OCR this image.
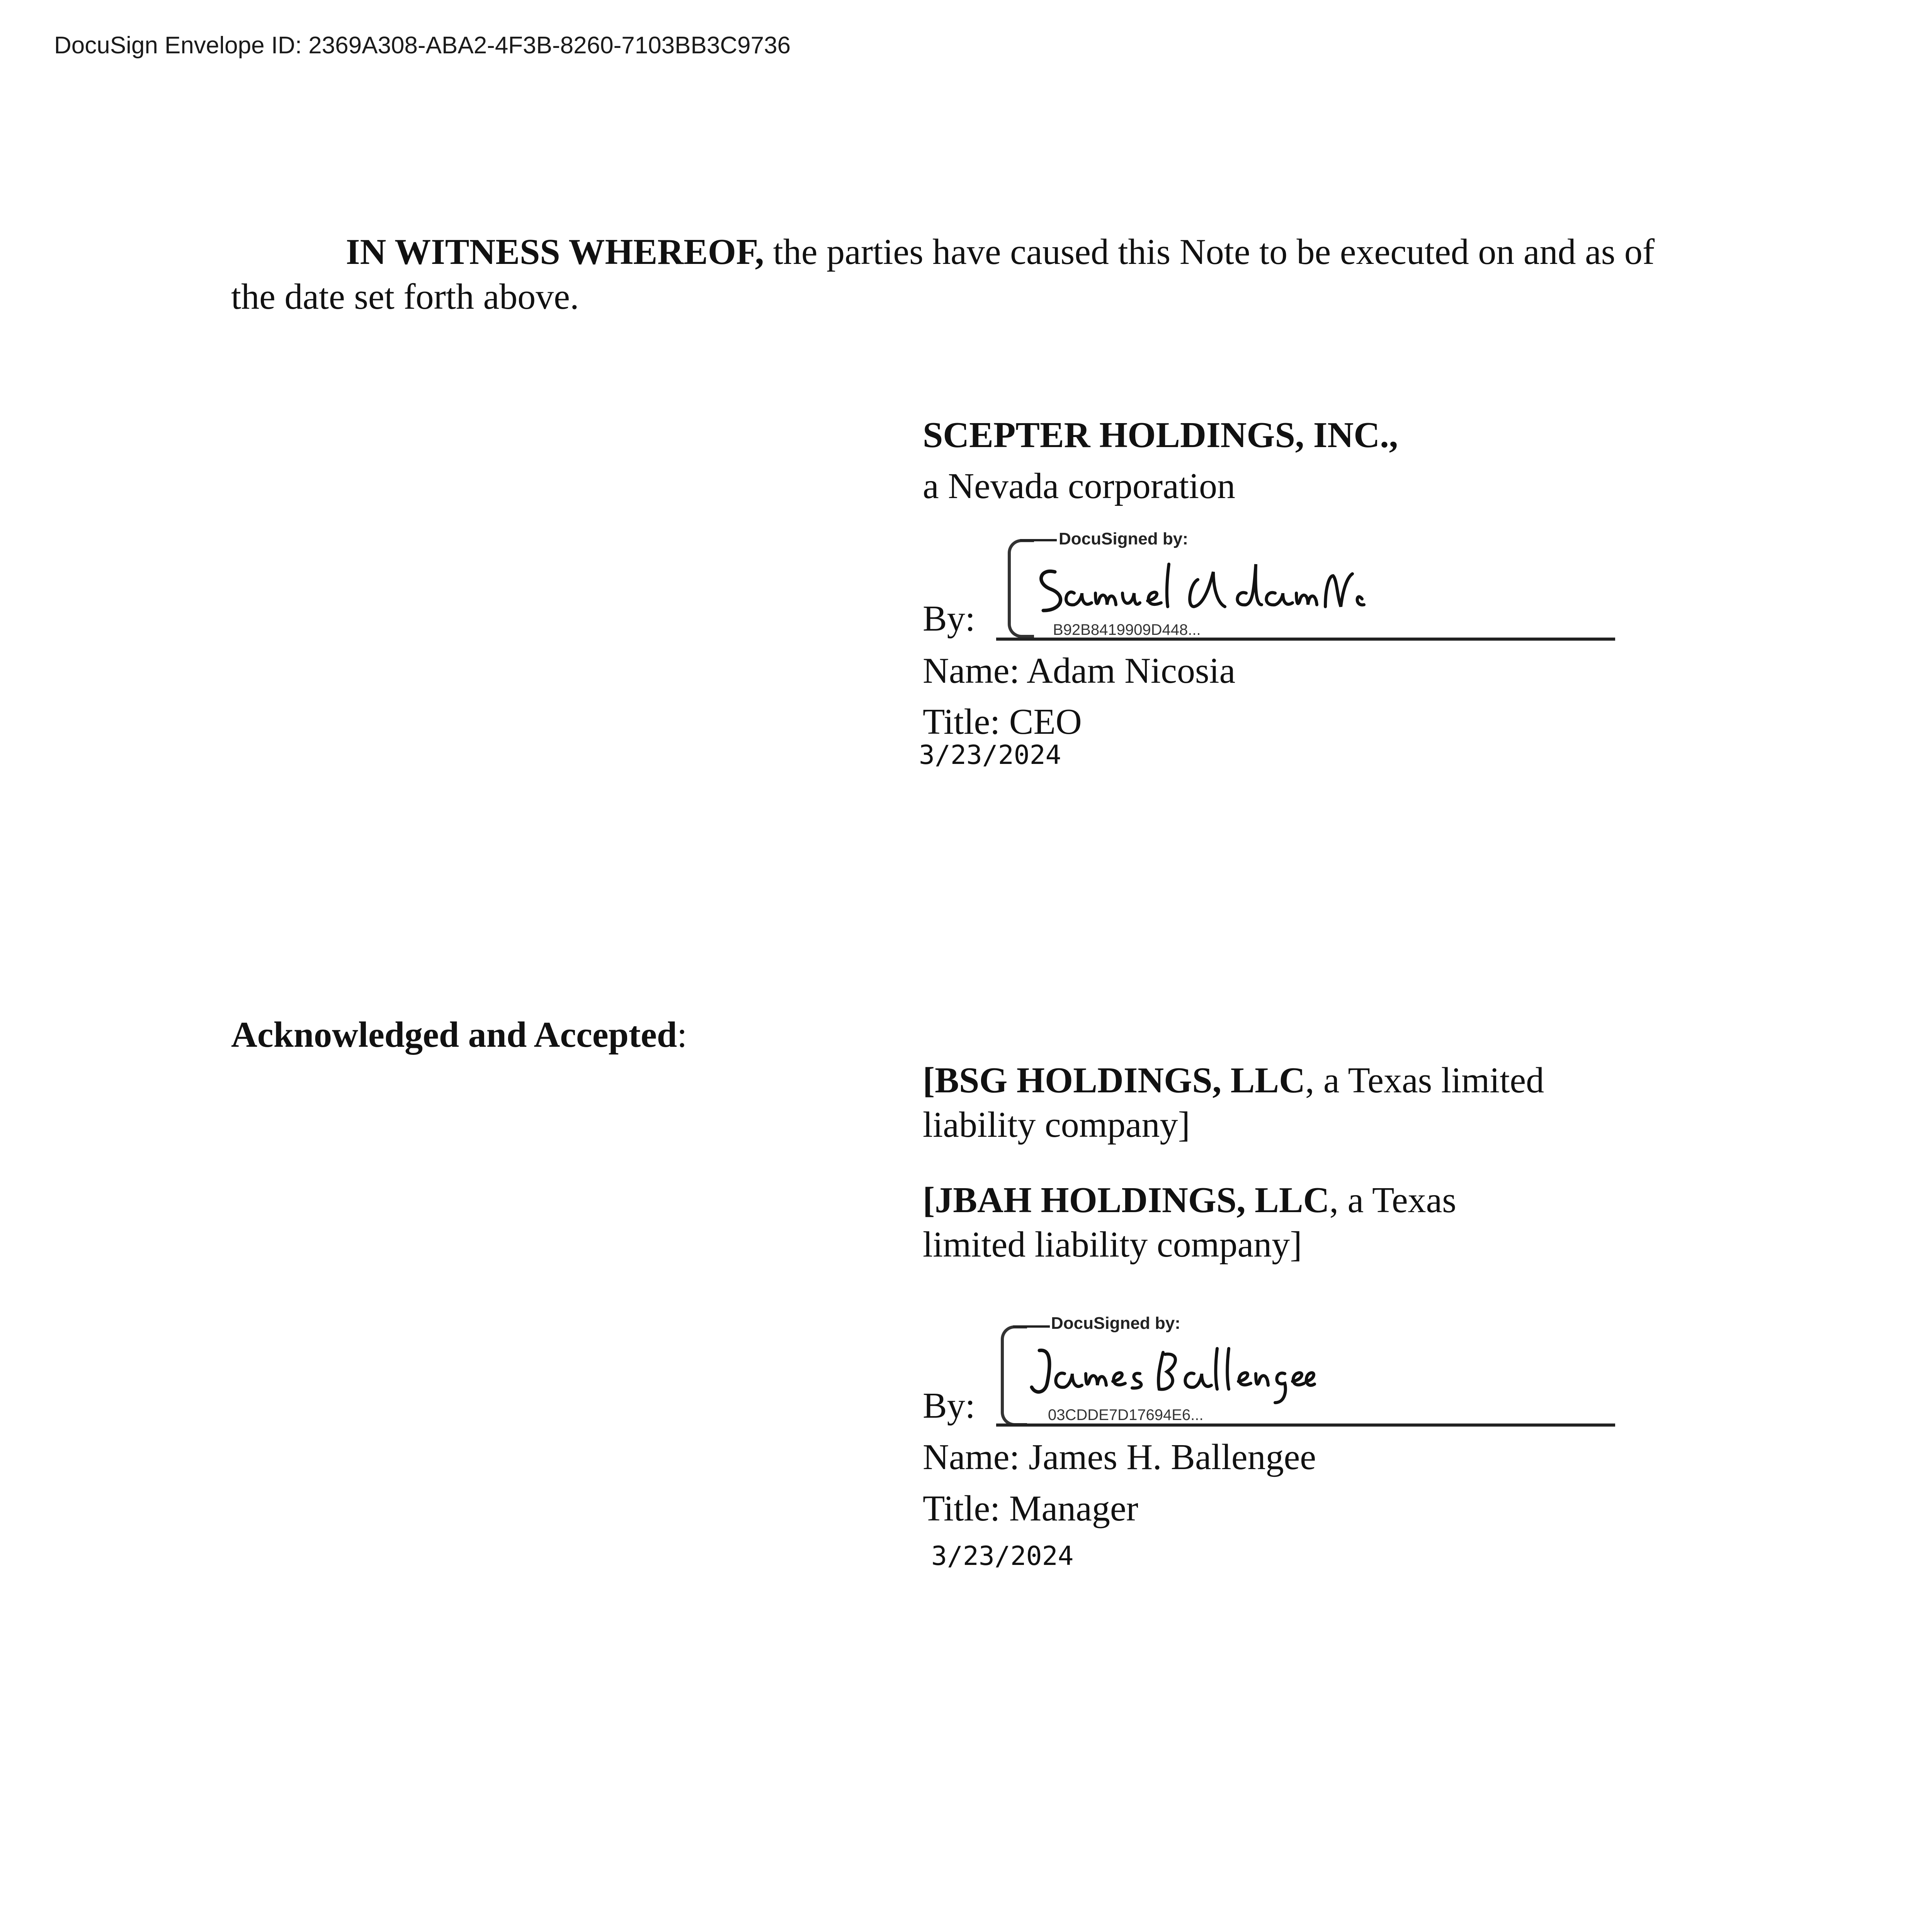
DocuSign Envelope ID: 2369A308-ABA2-4F3B-8260-7103BB3C9736
IN WITNESS WHEREOF, the parties have caused this Note to be executed on and as of
the date set forth above.
SCEPTER HOLDINGS, INC.,
a Nevada corporation
DocuSigned by:
By:	B92B8419909D448...
Name: Adam Nicosia
Title: CEO
3/23/2024
Acknowledged and Accepted:
[BSG HOLDINGS, LLC, a Texas limited
liability company]
[JBAH HOLDINGS, LLC, a Texas
limited liability company]
DocuSigned by:
By:	03CDDE7D17694E6...
Name: James H. Ballengee
Title: Manager
3/23/2024
